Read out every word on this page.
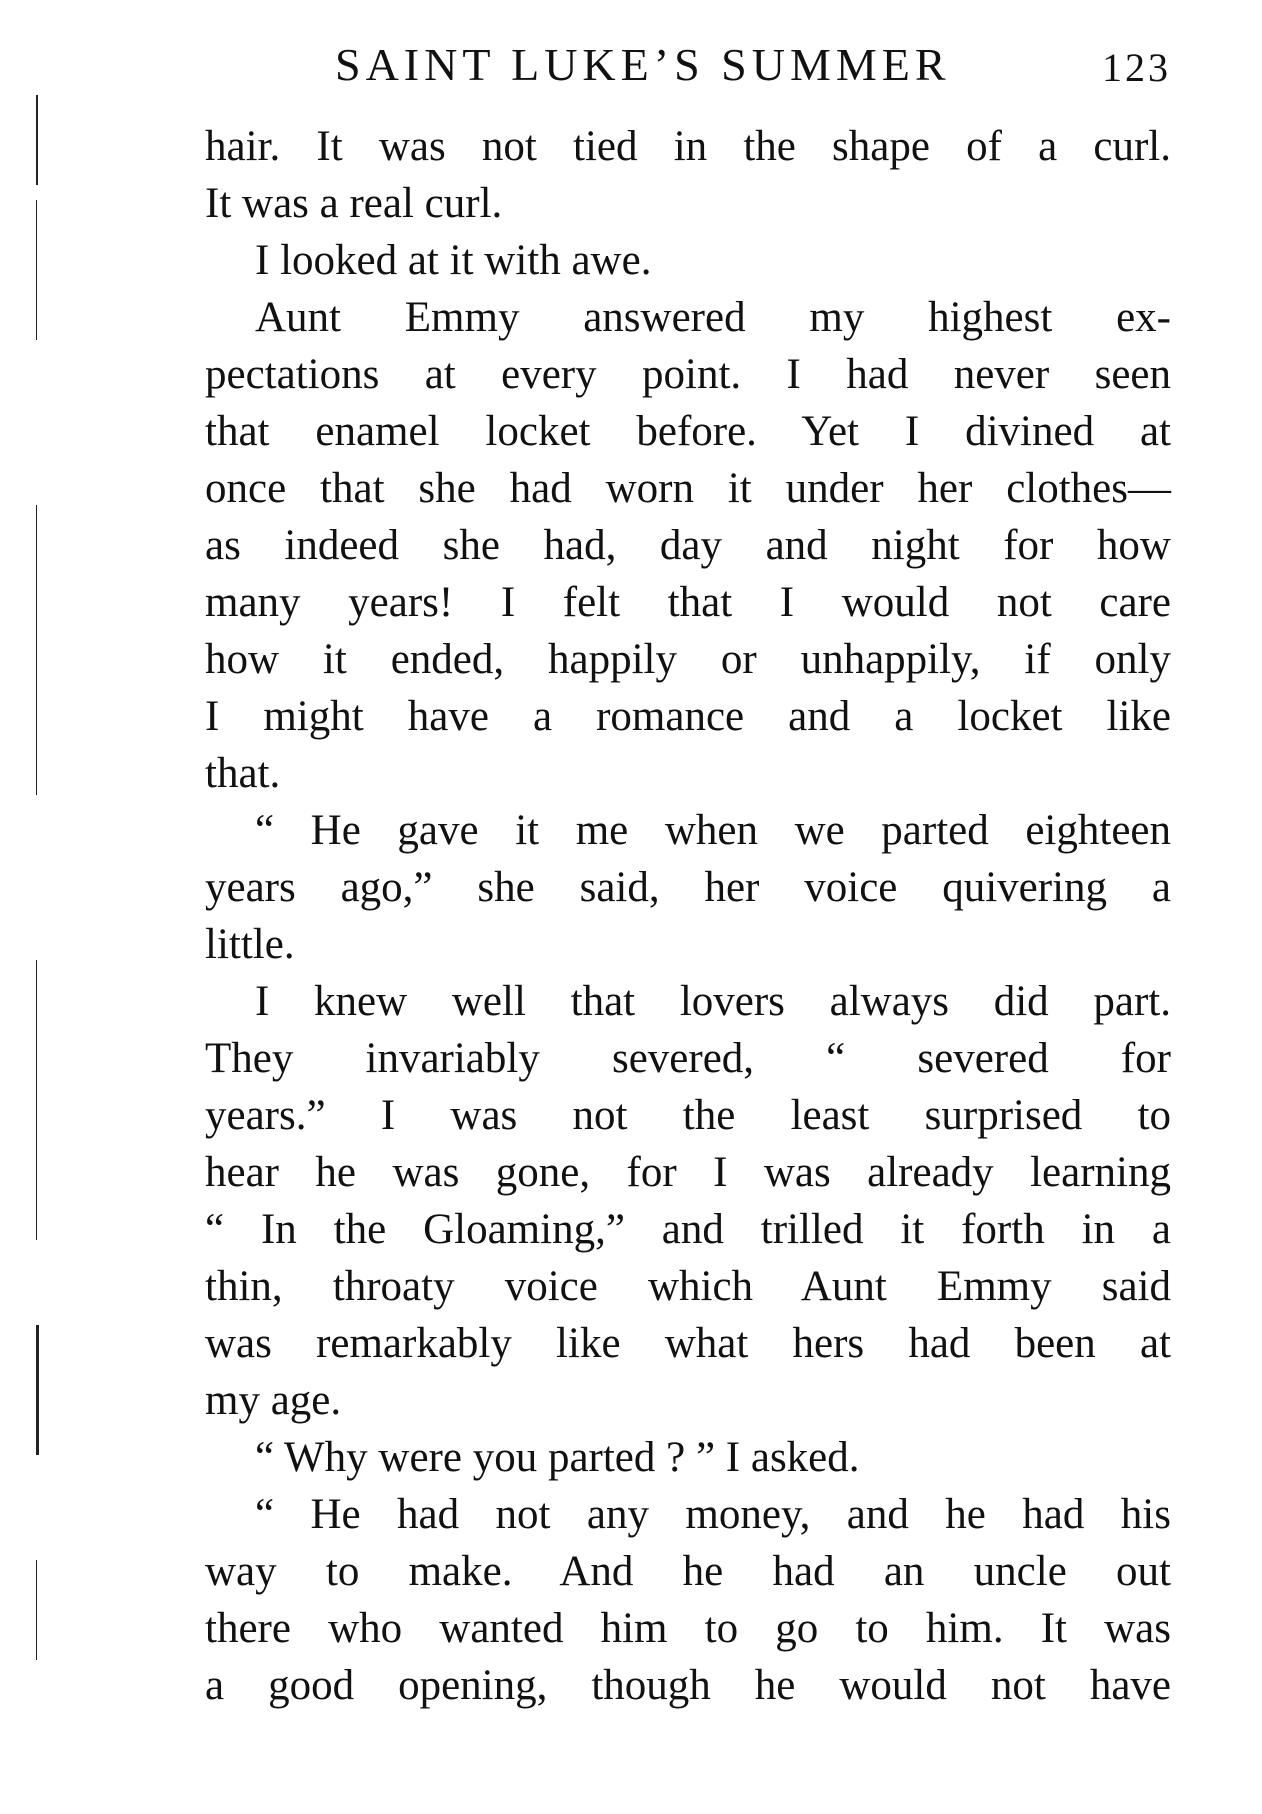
SAINT LUKE’S SUMMER	123
hair. It was not tied in the shape of a curl.
It was a real curl.
I looked at it with awe.
Aunt Emmy answered my highest ex-
pectations at every point. I had never seen
that enamel locket before. Yet I divined at
once that she had worn it under her clothes—
as indeed she had, day and night for how
many years! I felt that I would not care
how it ended, happily or unhappily, if only
I might have a romance and a locket like
that.
“ He gave it me when we parted eighteen
years ago,” she said, her voice quivering a
little.
I knew well that lovers always did part.
They invariably severed, “ severed for
years.” I was not the least surprised to
hear he was gone, for I was already learning
“ In the Gloaming,” and trilled it forth in a
thin, throaty voice which Aunt Emmy said
was remarkably like what hers had been at
my age.
“ Why were you parted ? ” I asked.
“ He had not any money, and he had his
way to make. And he had an uncle out
there who wanted him to go to him. It was
a good opening, though he would not have
